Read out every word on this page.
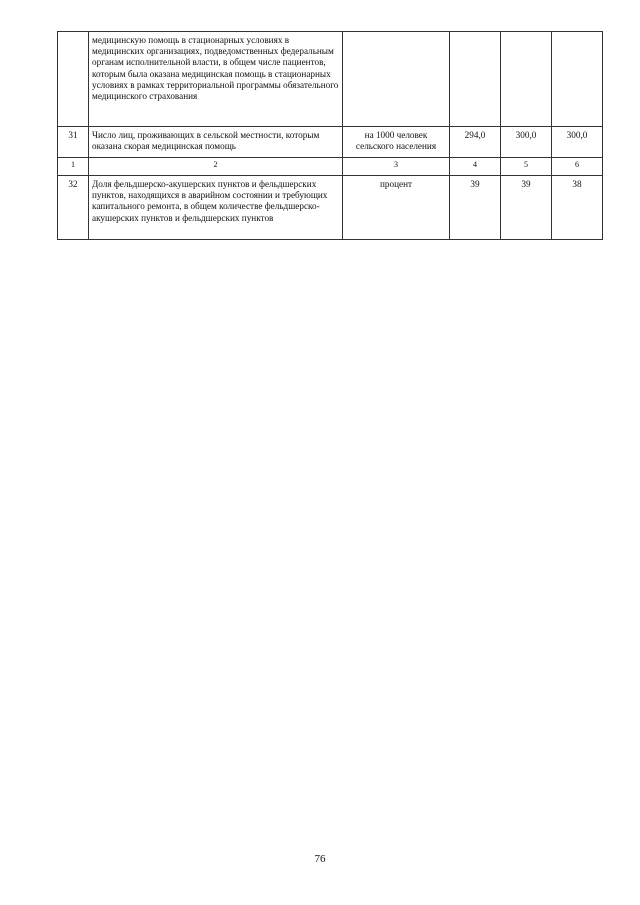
	медицинскую помощь в стационарных условиях в медицинских организациях, подведомственных федеральным органам исполнительной власти, в общем числе пациентов, которым была оказана медицинская помощь в стационарных условиях в рамках территориальной программы обязательного медицинского страхования				

31	Число лиц, проживающих в сельской местности, которым оказана скорая медицинская помощь	на 1000 человек сельского населения	294,0	300,0	300,0
1	2	3	4	5	6
32	Доля фельдшерско-акушерских пунктов и фельдшерских пунктов, находящихся в аварийном состоянии и требующих капитального ремонта, в общем количестве фельдшерско-акушерских пунктов и фельдшерских пунктов	процент	39	39	38
76
